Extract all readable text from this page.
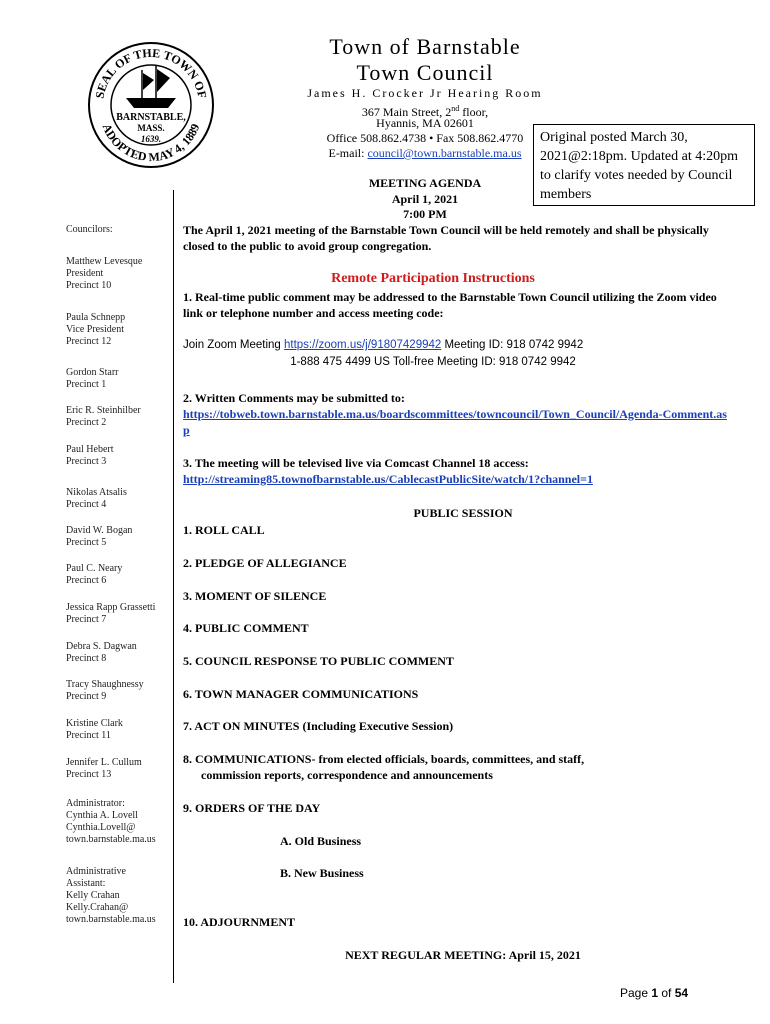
SEAL OF THE TOWN OF
ADOPTED MAY 4, 1889
BARNSTABLE,
MASS.
1639.
Town of Barnstable
Town Council
James H. Crocker Jr Hearing Room
367 Main Street, 2nd floor,
Hyannis, MA 02601
Office 508.862.4738 • Fax 508.862.4770
E-mail: council@town.barnstable.ma.us
Original posted March 30, 2021@2:18pm. Updated at 4:20pm to clarify votes needed by Council members
MEETING AGENDA
April 1, 2021
7:00 PM
The April 1, 2021 meeting of the Barnstable Town Council will be held remotely and shall be physically closed to the public to avoid group congregation.
Councilors:
Matthew Levesque
President
Precinct 10
Paula Schnepp
Vice President
Precinct 12
Gordon Starr
Precinct 1
Eric R. Steinhilber
Precinct 2
Paul Hebert
Precinct 3
Nikolas Atsalis
Precinct 4
David W. Bogan
Precinct 5
Paul C. Neary
Precinct 6
Jessica Rapp Grassetti
Precinct 7
Debra S. Dagwan
Precinct 8
Tracy Shaughnessy
Precinct 9
Kristine Clark
Precinct 11
Jennifer L. Cullum
Precinct 13
Administrator:
Cynthia A. Lovell
Cynthia.Lovell@
town.barnstable.ma.us
Administrative
Assistant:
Kelly Crahan
Kelly.Crahan@
town.barnstable.ma.us
Remote Participation Instructions
1. Real-time public comment may be addressed to the Barnstable Town Council utilizing the Zoom video link or telephone number and access meeting code:
Join Zoom Meeting https://zoom.us/j/91807429942 Meeting ID: 918 0742 9942
1-888 475 4499 US Toll-free Meeting ID: 918 0742 9942
2. Written Comments may be submitted to:
https://tobweb.town.barnstable.ma.us/boardscommittees/towncouncil/Town_Council/Agenda-Comment.asp
3. The meeting will be televised live via Comcast Channel 18 access:
http://streaming85.townofbarnstable.us/CablecastPublicSite/watch/1?channel=1
PUBLIC SESSION
1. ROLL CALL
2. PLEDGE OF ALLEGIANCE
3. MOMENT OF SILENCE
4. PUBLIC COMMENT
5. COUNCIL RESPONSE TO PUBLIC COMMENT
6. TOWN MANAGER COMMUNICATIONS
7. ACT ON MINUTES (Including Executive Session)
8. COMMUNICATIONS- from elected officials, boards, committees, and staff,
commission reports, correspondence and announcements
9. ORDERS OF THE DAY
A. Old Business
B. New Business
10. ADJOURNMENT
NEXT REGULAR MEETING: April 15, 2021
Page 1 of 54
